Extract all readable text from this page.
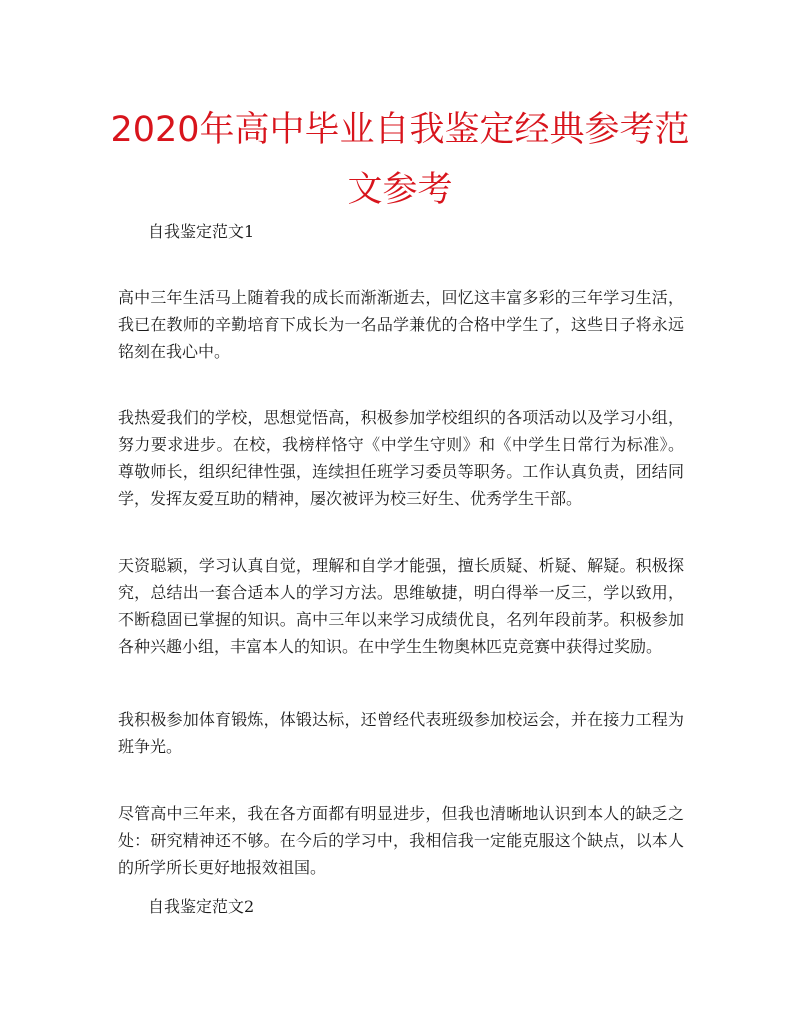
2020年高中毕业自我鉴定经典参考范文参考
自我鉴定范文1

高中三年生活马上随着我的成长而渐渐逝去，回忆这丰富多彩的三年学习生活，我已在教师的辛勤培育下成长为一名品学兼优的合格中学生了，这些日子将永远铭刻在我心中。

我热爱我们的学校，思想觉悟高，积极参加学校组织的各项活动以及学习小组，努力要求进步。在校，我榜样恪守《中学生守则》和《中学生日常行为标准》。尊敬师长，组织纪律性强，连续担任班学习委员等职务。工作认真负责，团结同学，发挥友爱互助的精神，屡次被评为校三好生、优秀学生干部。

天资聪颖，学习认真自觉，理解和自学才能强，擅长质疑、析疑、解疑。积极探究，总结出一套合适本人的学习方法。思维敏捷，明白得举一反三，学以致用，不断稳固已掌握的知识。高中三年以来学习成绩优良，名列年段前茅。积极参加各种兴趣小组，丰富本人的知识。在中学生生物奥林匹克竞赛中获得过奖励。

我积极参加体育锻炼，体锻达标，还曾经代表班级参加校运会，并在接力工程为班争光。

尽管高中三年来，我在各方面都有明显进步，但我也清晰地认识到本人的缺乏之处：研究精神还不够。在今后的学习中，我相信我一定能克服这个缺点，以本人的所学所长更好地报效祖国。

自我鉴定范文2
